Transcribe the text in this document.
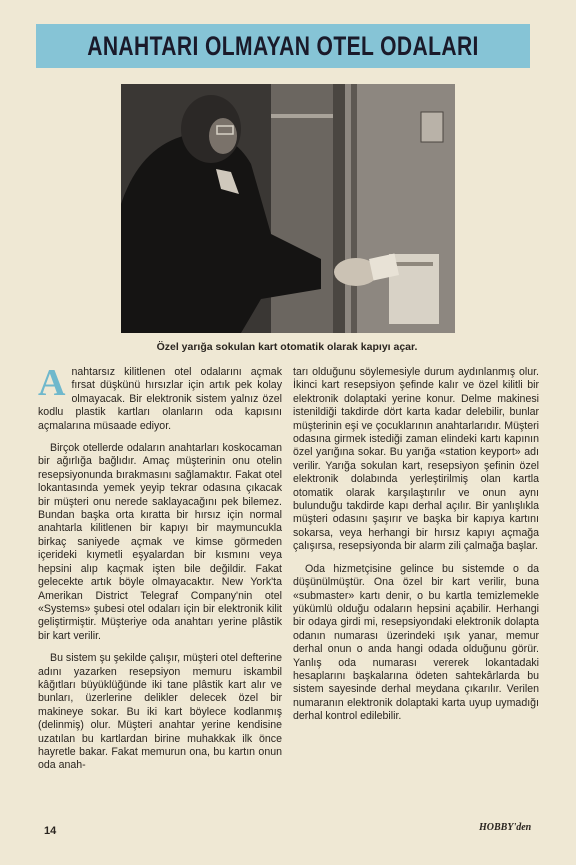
ANAHTARI OLMAYAN OTEL ODALARI
Özel yarığa sokulan kart otomatik olarak kapıyı açar.

A nahtarsız kilitlenen otel odalarını açmak fırsat düşkünü hırsızlar için artık pek kolay olmayacak. Bir elektronik sistem yalnız özel kodlu plastik kartları olanların oda kapısını açmalarına müsaade ediyor.

Birçok otellerde odaların anahtarları koskocaman bir ağırlığa bağlıdır. Amaç müşterinin onu otelin resepsiyonunda bırakmasını sağlamaktır. Fakat otel lokantasında yemek yeyip tekrar odasına çıkacak bir müşteri onu nerede saklayacağını pek bilemez. Bundan başka orta kıratta bir hırsız için normal anahtarla kilitlenen bir kapıyı bir maymuncukla birkaç saniyede açmak ve kimse görmeden içerideki kıymetli eşyalardan bir kısmını veya hepsini alıp kaçmak işten bile değildir. Fakat gelecekte artık böyle olmayacaktır. New York'ta Amerikan District Telegraf Company'nin otel «Systems» şubesi otel odaları için bir elektronik kilit geliştirmiştir. Müşteriye oda anahtarı yerine plâstik bir kart verilir.

Bu sistem şu şekilde çalışır, müşteri otel defterine adını yazarken resepsiyon memuru iskambil kâğıtları büyüklüğünde iki tane plâstik kart alır ve bunları, üzerlerine delikler delecek özel bir makineye sokar. Bu iki kart böylece kodlanmış (delinmiş) olur. Müşteri anahtar yerine kendisine uzatılan bu kartlardan birine muhakkak ilk önce hayretle bakar. Fakat memurun ona, bu kartın onun oda anah-

tarı olduğunu söylemesiyle durum aydınlanmış olur. İkinci kart resepsiyon şefinde kalır ve özel kilitli bir elektronik dolaptaki yerine konur. Delme makinesi istenildiği takdirde dört karta kadar delebilir, bunlar müşterinin eşi ve çocuklarının anahtarlarıdır. Müşteri odasına girmek istediği zaman elindeki kartı kapının özel yarığına sokar. Bu yarığa «station keyport» adı verilir. Yarığa sokulan kart, resepsiyon şefinin özel elektronik dolabında yerleştirilmiş olan kartla otomatik olarak karşılaştırılır ve onun aynı bulunduğu takdirde kapı derhal açılır. Bir yanlışlıkla müşteri odasını şaşırır ve başka bir kapıya kartını sokarsa, veya herhangi bir hırsız kapıyı açmağa çalışırsa, resepsiyonda bir alarm zili çalmağa başlar.

Oda hizmetçisine gelince bu sistemde o da düşünülmüştür. Ona özel bir kart verilir, buna «submaster» kartı denir, o bu kartla temizlemekle yükümlü olduğu odaların hepsini açabilir. Herhangi bir odaya girdi mi, resepsiyondaki elektronik dolapta odanın numarası üzerindeki ışık yanar, memur derhal onun o anda hangi odada olduğunu görür. Yanlış oda numarası vererek lokantadaki hesaplarını başkalarına ödeten sahtekârlarda bu sistem sayesinde derhal meydana çıkarılır. Verilen numaranın elektronik dolaptaki karta uyup uymadığı derhal kontrol edilebilir.

HOBBY'den
14
